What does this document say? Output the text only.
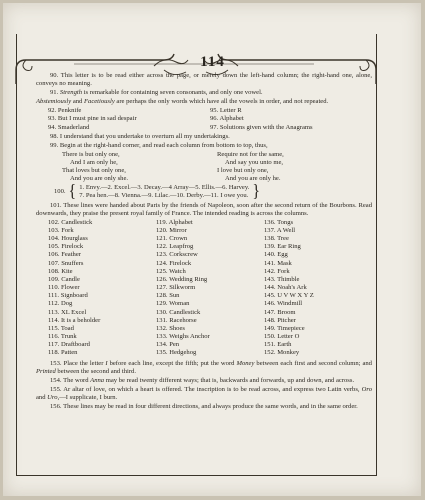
114

90. This letter is to be read either across the page, or merely down the left-hand column; the right-hand one, alone, conveys no meaning.

91. Strength is remarkable for containing seven consonants, and only one vowel.

Abstemiously and Facetiously are perhaps the only words which have all the vowels in order, and not repeated.

92. Penknife
93. But I must pine in sad despair
94. Smaderland
95. Letter R
96. Alphabet
97. Solutions given with the Anagrams

98. I understand that you undertake to overturn all my undertakings.

99. Begin at the right-hand corner, and read each column from bottom to top, thus,

There is but only one,
And I am only he,
That loves but only one,
And you are only she.
Require not for the same,
And say you unto me,
I love but only one,
And you are only he.
100. { 1. Envy.—2. Excel.—3. Decay.—4 Array—5. Ellis.—6. Harvey.
7. Pea hen.—8. Vienna.—9. Lilac.—10. Derby.—11. I owe you. }

101. These lines were handed about Paris by the friends of Napoleon, soon after the second return of the Bourbons. Read downwards, they praise the present royal family of France. The intended reading is across the columns.

102. Candlestick
103. Fork
104. Hourglass
105. Firelock
106. Feather
107. Snuffers
108. Kite
109. Candle
110. Flower
111. Signboard
112. Dog
113. XL Excel
114. It is a beholder
115. Toad
116. Trunk
117. Draftboard
118. Patten
119. Alphabet
120. Mirror
121. Crown
122. Leapfrog
123. Corkscrew
124. Firelock
125. Watch
126. Wedding Ring
127. Silkworm
128. Sun
129. Woman
130. Candlestick
131. Racehorse
132. Shoes
133. Weighs Anchor
134. Pen
135. Hedgehog
136. Tongs
137. A Well
138. Tree
139. Ear Ring
140. Egg
141. Mask
142. Fork
143. Thimble
144. Noah's Ark
145. U V W X Y Z
146. Windmill
147. Broom
148. Pitcher
149. Timepiece
150. Letter O
151. Earth
152. Monkey

153. Place the letter I before each line, except the fifth; put the word Money between each first and second column; and Printed between the second and third.

154. The word Anna may be read twenty different ways; that is, backwards and forwards, up and down, and across.

155. Ar altar of love, on which a heart is offered. The inscription is to be read across, and express two Latin verbs, Oro and Uro,—I supplicate, I burn.

156. These lines may be read in four different directions, and always produce the same words, and in the same order.
